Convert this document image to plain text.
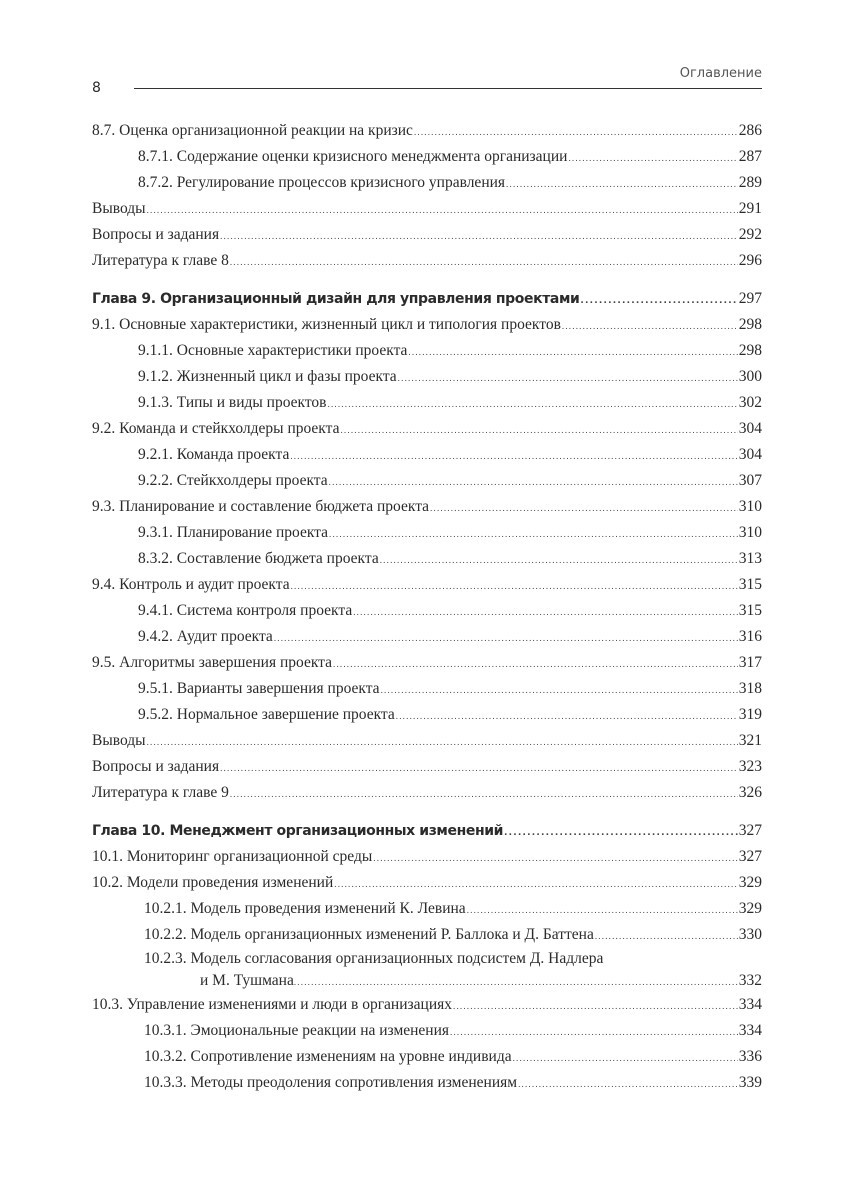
8
Оглавление
8.7. Оценка организационной реакции на кризис .....	286
8.7.1. Содержание оценки кризисного менеджмента организации .....	287
8.7.2. Регулирование процессов кризисного управления .....	289
Выводы .....	291
Вопросы и задания .....	292
Литература к главе 8 .....	296
Глава 9. Организационный дизайн для управления проектами .....	297
9.1. Основные характеристики, жизненный цикл и типология проектов .....	298
9.1.1. Основные характеристики проекта .....	298
9.1.2. Жизненный цикл и фазы проекта .....	300
9.1.3. Типы и виды проектов .....	302
9.2. Команда и стейкхолдеры проекта .....	304
9.2.1. Команда проекта .....	304
9.2.2. Стейкхолдеры проекта .....	307
9.3. Планирование и составление бюджета проекта .....	310
9.3.1. Планирование проекта .....	310
8.3.2. Составление бюджета проекта .....	313
9.4. Контроль и аудит проекта .....	315
9.4.1. Система контроля проекта .....	315
9.4.2. Аудит проекта .....	316
9.5. Алгоритмы завершения проекта .....	317
9.5.1. Варианты завершения проекта .....	318
9.5.2. Нормальное завершение проекта .....	319
Выводы .....	321
Вопросы и задания .....	323
Литература к главе 9 .....	326
Глава 10. Менеджмент организационных изменений .....	327
10.1. Мониторинг организационной среды .....	327
10.2. Модели проведения изменений .....	329
10.2.1. Модель проведения изменений К. Левина .....	329
10.2.2. Модель организационных изменений Р. Баллока и Д. Баттена .....	330
10.2.3. Модель согласования организационных подсистем Д. Надлера
и М. Тушмана .....	332
10.3. Управление изменениями и люди в организациях .....	334
10.3.1. Эмоциональные реакции на изменения .....	334
10.3.2. Сопротивление изменениям на уровне индивида .....	336
10.3.3. Методы преодоления сопротивления изменениям .....	339
